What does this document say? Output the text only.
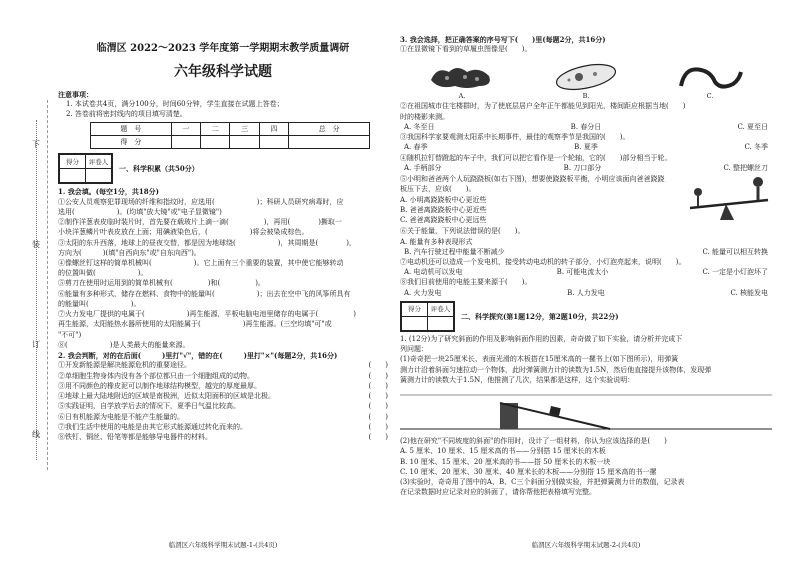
下
装
订
线
临渭区 2022～2023 学年度第一学期期末教学质量调研
六年级科学试题
注意事项：
1. 本试卷共4页，满分100分，时间60分钟，学生直接在试题上答卷；
2. 答卷前将密封线内的项目填写清楚。
题　号	一	二	三	四	总　分
得　分					
得分	评卷人

一、科学积累（共50分）
1. 我会填。(每空1分，共18分)
①公安人员观察犯罪现场的纤维和指纹时，应选用(　　　　　　)；科研人员研究病毒时，应
选用(　　　　　　)。(均填"放大镜"或"电子显微镜")
②制作洋葱表皮临时装片时，首先要在载玻片上滴一滴(　　　　　)，再用(　　　　)撕取一
小块洋葱鳞片叶表皮放在上面；用碘液染色后，(　　　　　　)将会被染成棕色。
③太阳的东升西落，地球上的昼夜交替，都是因为地球绕(　　　　　　)，其周期是(　　　　)，
方向为(　　　)(填"自西向东"或"自东向西")。
④像螺丝钉这样的简单机械叫(　　　　　　)。它上面有三个重要的装置，其中使它能够转动
的位置叫做(　　　　　　)。
⑤剪刀在使用时运用到的简单机械有(　　　　　)和(　　　　　)。
⑥能量有多种形式，储存在燃料、食物中的能量叫(　　　　　　)；出去在空中飞的风筝所具有
的能量叫(　　　　　　)。
⑦火力发电厂提供的电属于(　　　　　　)再生能源，平板电脑电池里储存的电属于(　　　　　)
再生能源，太阳能热水器所使用的太阳能属于(　　　　　　)再生能源。(三空均填"可"或
"不可")
⑧(　　　　　　)是人类最大的能量来源。
2. 我会判断，对的在后面(　　　)里打"√"，错的在(　　　)里打"×"(每题2分，共16分)
①开发新能源是解决能源危机的重要途径。	(　　)
②单细胞生物身体内没有各个部位都只由一个细胞组成的动物。	(　　)
③用不同颜色的橡皮泥可以制作地球结构模型，越完的厚度最厚。	(　　)
④地球上最大陆地附近的区域是南极洲，近似太阳面积的区域是北极。	(　　)
⑤实践证明，自学放学后去的情况下，夏季日气温比较高。	(　　)
⑥日有机能源为电能是不能产生能量的。	(　　)
⑦我们生活中使用的电能是由其它形式能源通过转化而来的。	(　　)
⑧铁钉、铜丝、铅笔等都是能够导电器件的材料。	(　　)
临渭区六年级科学期末试题-1-(共4页)
3. 我会选择，把正确答案的序号写下(　　)里(每题2分，共16分)
①在显微镜下看到的草履虫图像是(　　)。
A.	B.	C.
②在祖国城市住宅楼群时，为了使底层居户全年正午都能见到阳光，楼间距应根据当地(　　)
时的楼影来测。
A. 冬至日	B. 春分日	C. 夏至日
③我国科学家要观测太阳系中长期事件，最佳的观察季节是我国的(　　)。
A. 春季	B. 夏季	C. 冬季
④随机拉钉替蹬起的车子中，我们可以把它看作是一个轮轴，它的(　　)部分相当于轮。
A. 手柄部分	B. 刀口部分	C. 整把螺丝刀
⑤小明和爸爸两个人玩跷跷板(如右下图)，想要使跷跷板平衡，小明应该面向爸爸跷跷
板压下去，应该(　　)。
A. 小明离跷跷板中心更近些
B. 爸爸离跷跷板中心更近些
C. 爸爸离跷跷板中心更远些
⑥关于能量，下列说法错误的是(　　)。
A. 能量有多种表现形式
B. 汽车行驶过程中能量不断减少	C. 能量可以相互转换
⑦电动机还可以造成一个发电机，接受转动电动机的转子部分，小灯泡亮起来，说明(　　)。
A. 电动机可以发电	B. 可能电流太小	C. 一定是小灯泡坏了
⑧我们目前使用的电能主要来源于(　　)。
A. 火力发电	B. 人力发电	C. 核能发电
得分	评卷人

二、科学探究(第1题12分，第2题10分，共22分)
1. (12分)为了研究斜面的作用及影响斜面作用的因素，奇奇做了如下实验，请分析并完成下
列问题：
(1)奇奇把一块25厘米长、表面光滑的木板搭在15厘米高的一摞书上(如下图所示)，用弹簧
测力计沿着斜面匀速拉动一个物体，此时弹簧测力计的读数为1.5N，然后他直接提升该物体，发现弹
簧测力计的读数大于1.5N，他推测了几次，结果都是这样，这个实验说明：
(2)他在研究"不同坡度的斜面"的作用时，设计了一组材料，你认为应该选择的是(　　)
A. 5 厘米、10 厘米、15 厘米高的书——分别搭 15 厘米长的木板
B. 10 厘米、15 厘米、20 厘米高的书——搭 50 厘米长的木板一块
C. 10 厘米、20 厘米、30 厘米、40 厘米长的木板——分别搭 15 厘米高的书一摞
(3)实验时，奇奇用了图中的A、B、C三个斜面分别做实验，并把弹簧测力计的数值，记录表
在记录数据时应记录对应的斜面了，请你帮他把表格填写完整。
临渭区六年级科学期末试题-2-(共4页)
